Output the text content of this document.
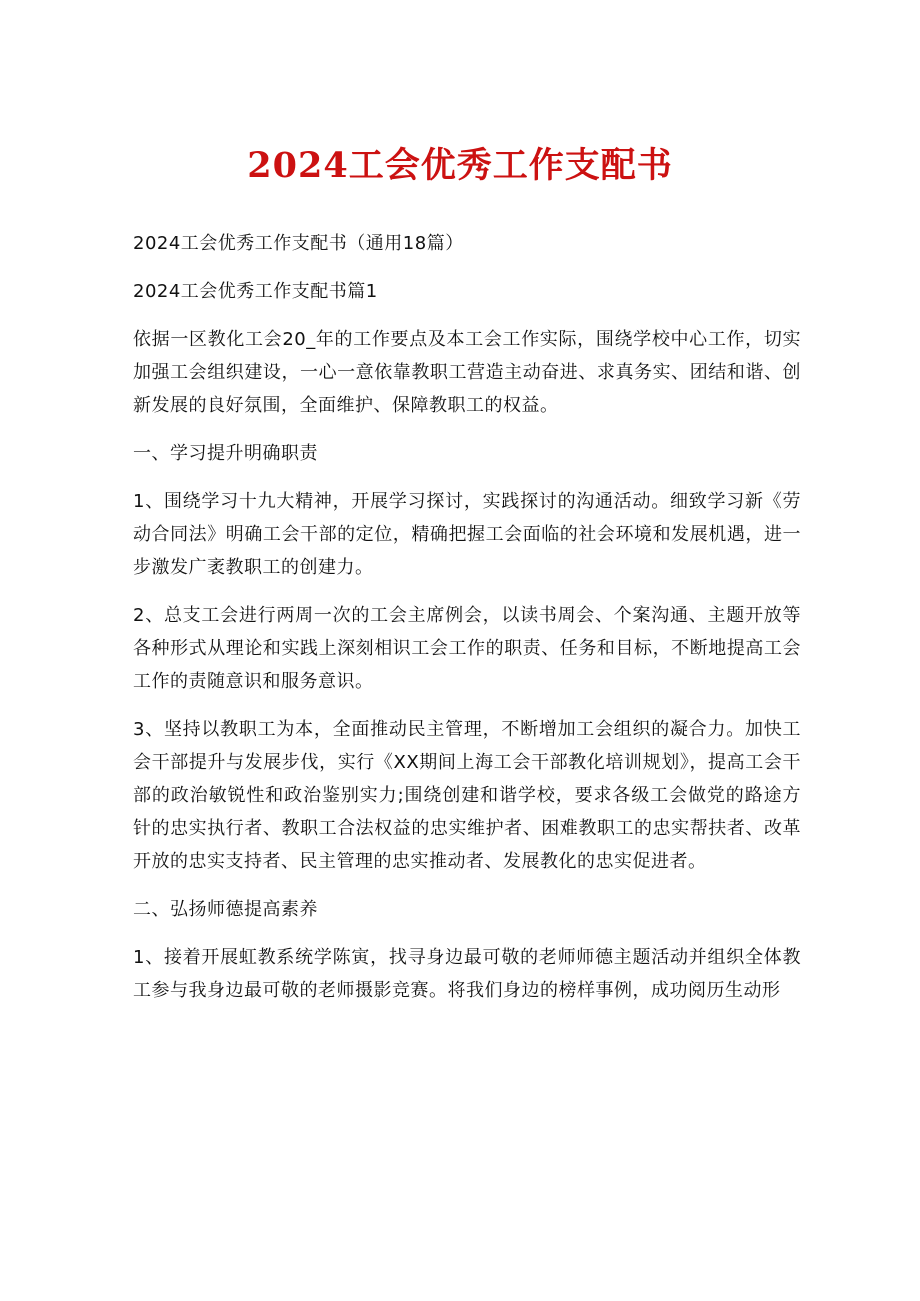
2024工会优秀工作支配书

2024工会优秀工作支配书（通用18篇）

2024工会优秀工作支配书篇1

依据一区教化工会20_年的工作要点及本工会工作实际，围绕学校中心工作，切实加强工会组织建设，一心一意依靠教职工营造主动奋进、求真务实、团结和谐、创新发展的良好氛围，全面维护、保障教职工的权益。

一、学习提升明确职责

1、围绕学习十九大精神，开展学习探讨，实践探讨的沟通活动。细致学习新《劳动合同法》明确工会干部的定位，精确把握工会面临的社会环境和发展机遇，进一步激发广袤教职工的创建力。

2、总支工会进行两周一次的工会主席例会，以读书周会、个案沟通、主题开放等各种形式从理论和实践上深刻相识工会工作的职责、任务和目标，不断地提高工会工作的责随意识和服务意识。

3、坚持以教职工为本，全面推动民主管理，不断增加工会组织的凝合力。加快工会干部提升与发展步伐，实行《XX期间上海工会干部教化培训规划》，提高工会干部的政治敏锐性和政治鉴别实力;围绕创建和谐学校，要求各级工会做党的路途方针的忠实执行者、教职工合法权益的忠实维护者、困难教职工的忠实帮扶者、改革开放的忠实支持者、民主管理的忠实推动者、发展教化的忠实促进者。

二、弘扬师德提高素养

1、接着开展虹教系统学陈寅，找寻身边最可敬的老师师德主题活动并组织全体教工参与我身边最可敬的老师摄影竞赛。将我们身边的榜样事例，成功阅历生动形
